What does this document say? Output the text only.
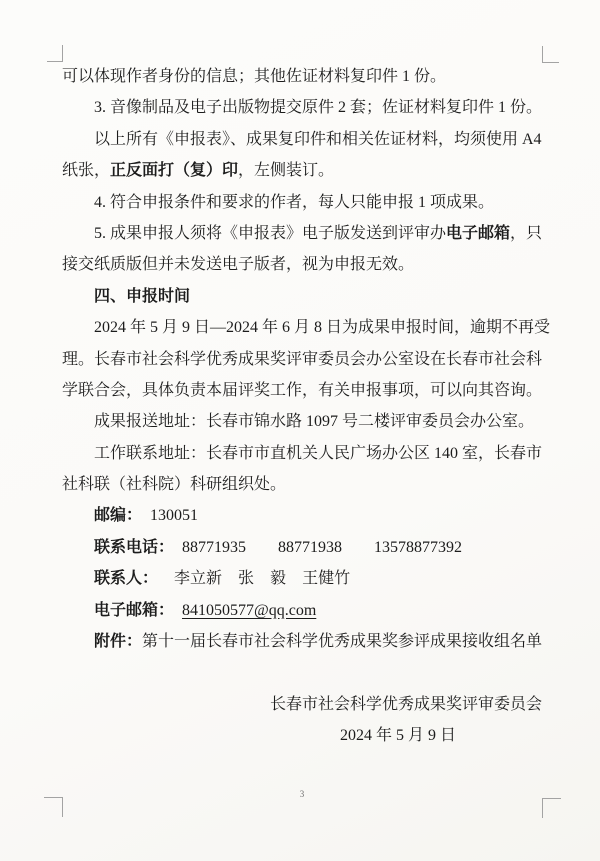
可以体现作者身份的信息；其他佐证材料复印件 1 份。
3. 音像制品及电子出版物提交原件 2 套；佐证材料复印件 1 份。
以上所有《申报表》、成果复印件和相关佐证材料，均须使用 A4
纸张，正反面打（复）印，左侧装订。
4. 符合申报条件和要求的作者，每人只能申报 1 项成果。
5. 成果申报人须将《申报表》电子版发送到评审办电子邮箱，只
接交纸质版但并未发送电子版者，视为申报无效。
四、申报时间
2024 年 5 月 9 日—2024 年 6 月 8 日为成果申报时间，逾期不再受
理。长春市社会科学优秀成果奖评审委员会办公室设在长春市社会科
学联合会，具体负责本届评奖工作，有关申报事项，可以向其咨询。
成果报送地址：长春市锦水路 1097 号二楼评审委员会办公室。
工作联系地址：长春市市直机关人民广场办公区 140 室，长春市
社科联（社科院）科研组织处。
邮编： 130051
联系电话： 88771935 88771938 13578877392
联系人： 李立新 张 毅 王健竹
电子邮箱： 841050577@qq.com
附件：第十一届长春市社会科学优秀成果奖参评成果接收组名单
长春市社会科学优秀成果奖评审委员会
2024 年 5 月 9 日
3
